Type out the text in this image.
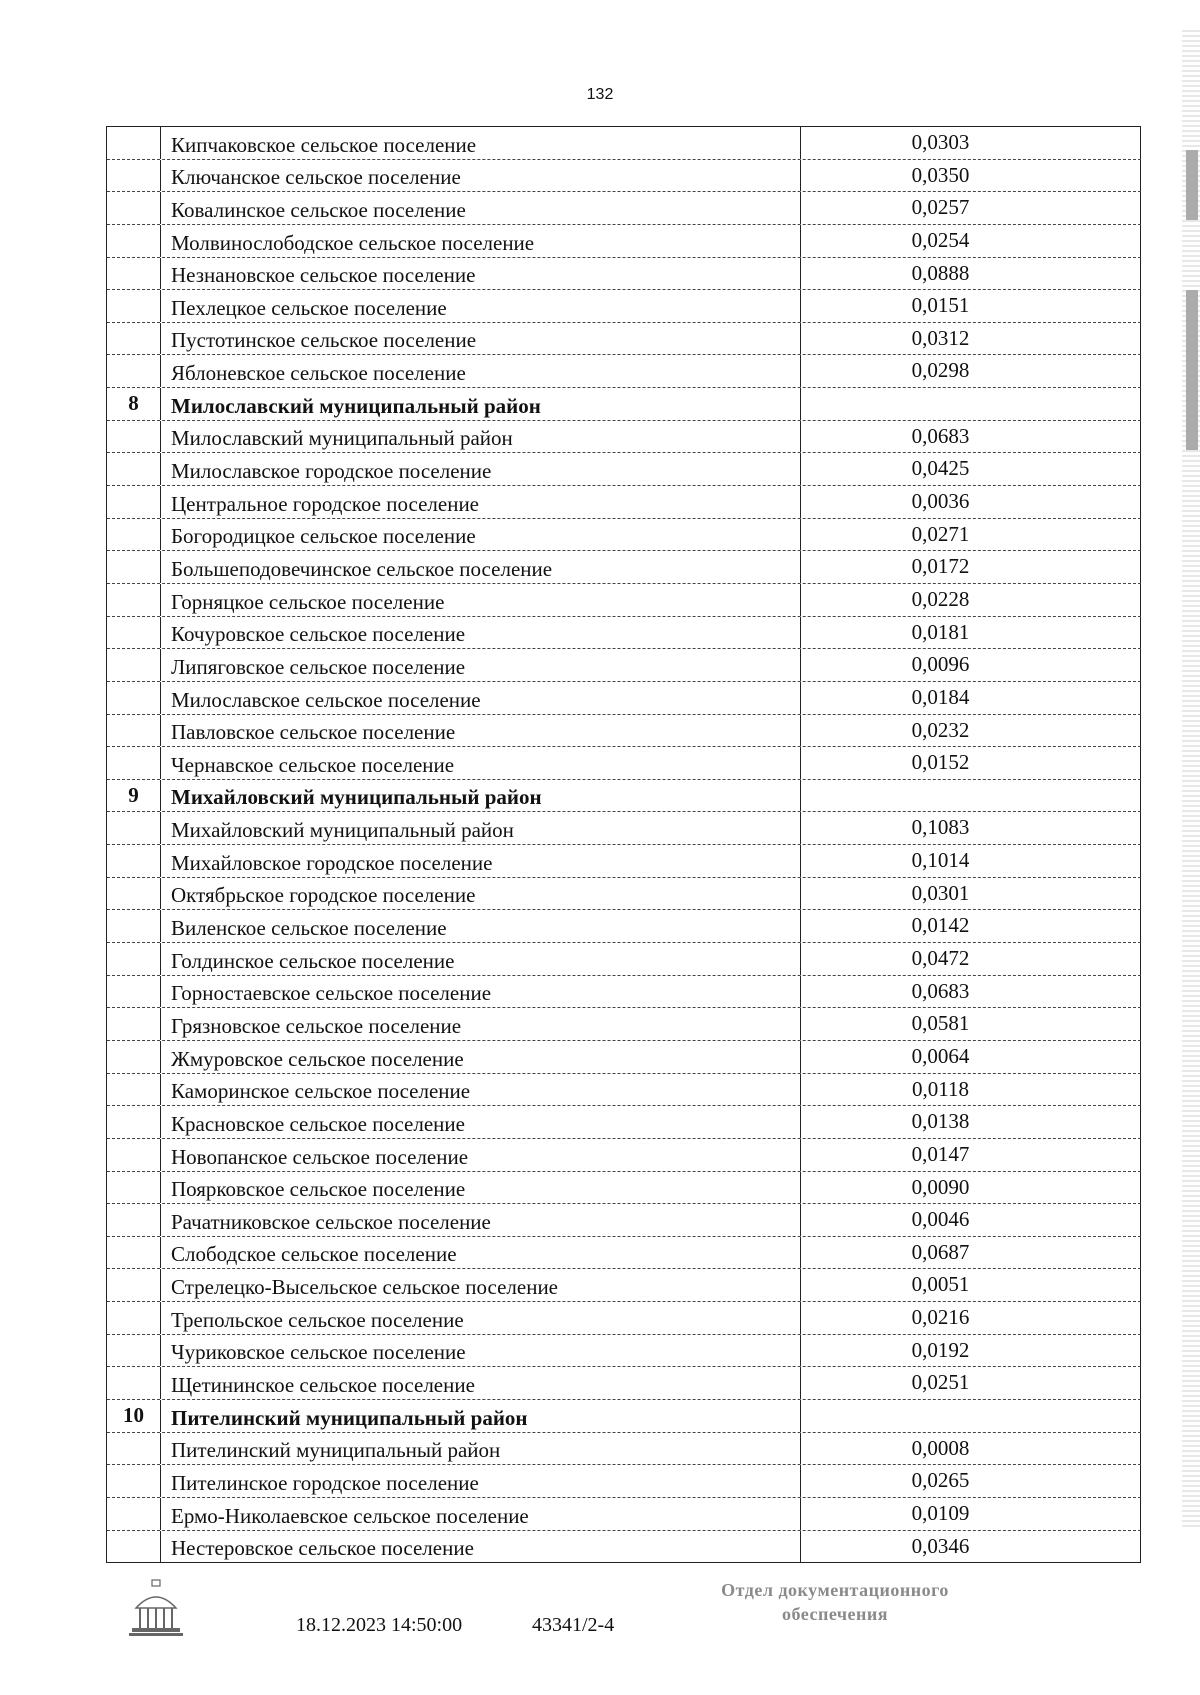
132
Кипчаковское сельское поселение	0,0303
Ключанское сельское поселение	0,0350
Ковалинское сельское поселение	0,0257
Молвинослободское сельское поселение	0,0254
Незнановское сельское поселение	0,0888
Пехлецкое сельское поселение	0,0151
Пустотинское сельское поселение	0,0312
Яблоневское сельское поселение	0,0298
8	Милославский муниципальный район
Милославский муниципальный район	0,0683
Милославское городское поселение	0,0425
Центральное городское поселение	0,0036
Богородицкое сельское поселение	0,0271
Большеподовечинское сельское поселение	0,0172
Горняцкое сельское поселение	0,0228
Кочуровское сельское поселение	0,0181
Липяговское сельское поселение	0,0096
Милославское сельское поселение	0,0184
Павловское сельское поселение	0,0232
Чернавское сельское поселение	0,0152
9	Михайловский муниципальный район
Михайловский муниципальный район	0,1083
Михайловское городское поселение	0,1014
Октябрьское городское поселение	0,0301
Виленское сельское поселение	0,0142
Голдинское сельское поселение	0,0472
Горностаевское сельское поселение	0,0683
Грязновское сельское поселение	0,0581
Жмуровское сельское поселение	0,0064
Каморинское сельское поселение	0,0118
Красновское сельское поселение	0,0138
Новопанское сельское поселение	0,0147
Поярковское сельское поселение	0,0090
Рачатниковское сельское поселение	0,0046
Слободское сельское поселение	0,0687
Стрелецко-Высельское сельское поселение	0,0051
Трепольское сельское поселение	0,0216
Чуриковское сельское поселение	0,0192
Щетининское сельское поселение	0,0251
10	Пителинский муниципальный район
Пителинский муниципальный район	0,0008
Пителинское городское поселение	0,0265
Ермо-Николаевское сельское поселение	0,0109
Нестеровское сельское поселение	0,0346
18.12.2023 14:50:00	43341/2-4
Отдел документационного
обеспечения
